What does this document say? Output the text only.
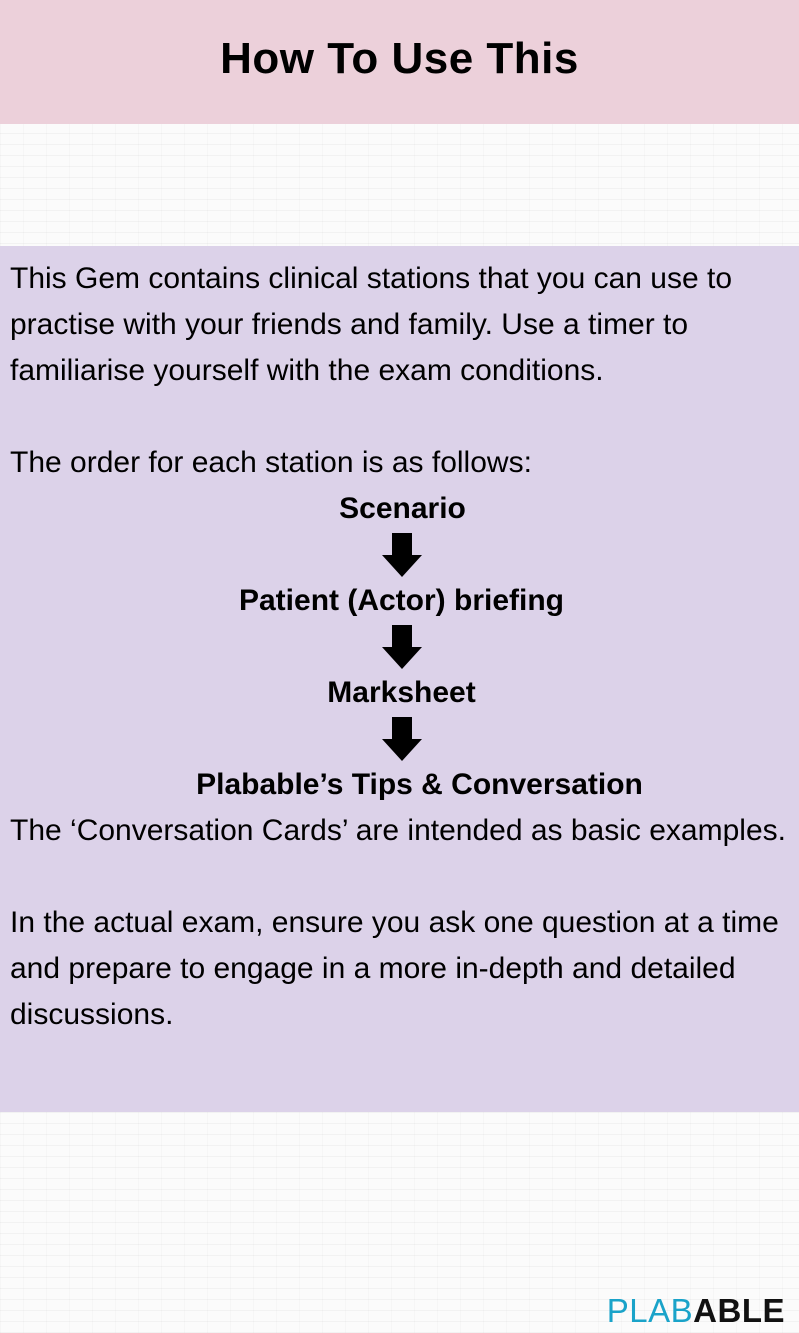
How To Use This

This Gem contains clinical stations that you can use to practise with your friends and family. Use a timer to familiarise yourself with the exam conditions.

The order for each station is as follows:

Scenario
Patient (Actor) briefing
Marksheet
Plabable’s Tips & Conversation

The ‘Conversation Cards’ are intended as basic examples.

In the actual exam, ensure you ask one question at a time and prepare to engage in a more in-depth and detailed discussions.

PLABABLE
